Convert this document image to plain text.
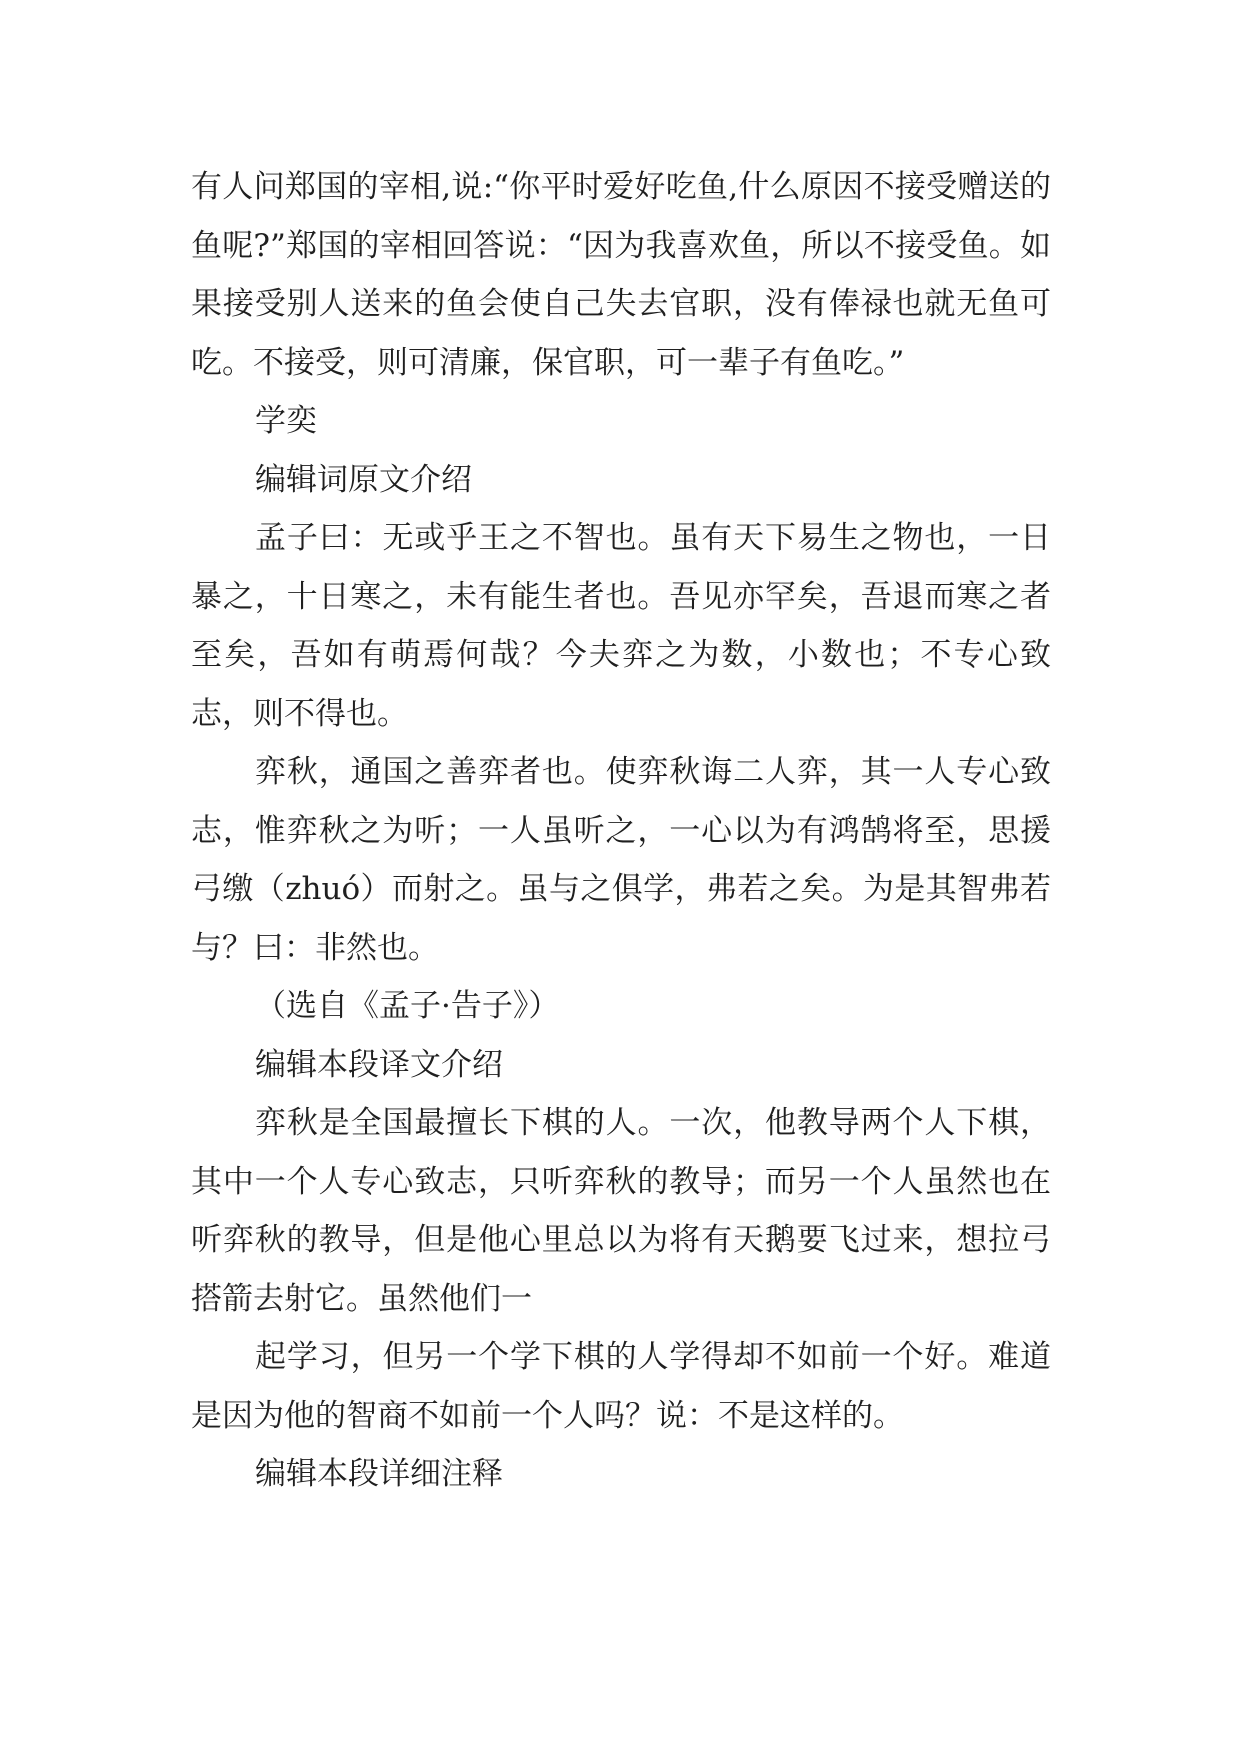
有人问郑国的宰相,说:“你平时爱好吃鱼,什么原因不接受赠送的鱼呢?”郑国的宰相回答说：“因为我喜欢鱼，所以不接受鱼。如果接受别人送来的鱼会使自己失去官职，没有俸禄也就无鱼可吃。不接受，则可清廉，保官职，可一辈子有鱼吃。”

学奕

编辑词原文介绍

孟子曰：无或乎王之不智也。虽有天下易生之物也，一日暴之，十日寒之，未有能生者也。吾见亦罕矣，吾退而寒之者至矣，吾如有萌焉何哉？今夫弈之为数，小数也；不专心致志，则不得也。

弈秋，通国之善弈者也。使弈秋诲二人弈，其一人专心致志，惟弈秋之为听；一人虽听之，一心以为有鸿鹄将至，思援弓缴（zhuó）而射之。虽与之俱学，弗若之矣。为是其智弗若与？曰：非然也。

（选自《孟子·告子》）

编辑本段译文介绍

弈秋是全国最擅长下棋的人。一次，他教导两个人下棋，其中一个人专心致志，只听弈秋的教导；而另一个人虽然也在听弈秋的教导，但是他心里总以为将有天鹅要飞过来，想拉弓搭箭去射它。虽然他们一

起学习，但另一个学下棋的人学得却不如前一个好。难道是因为他的智商不如前一个人吗？说：不是这样的。

编辑本段详细注释
